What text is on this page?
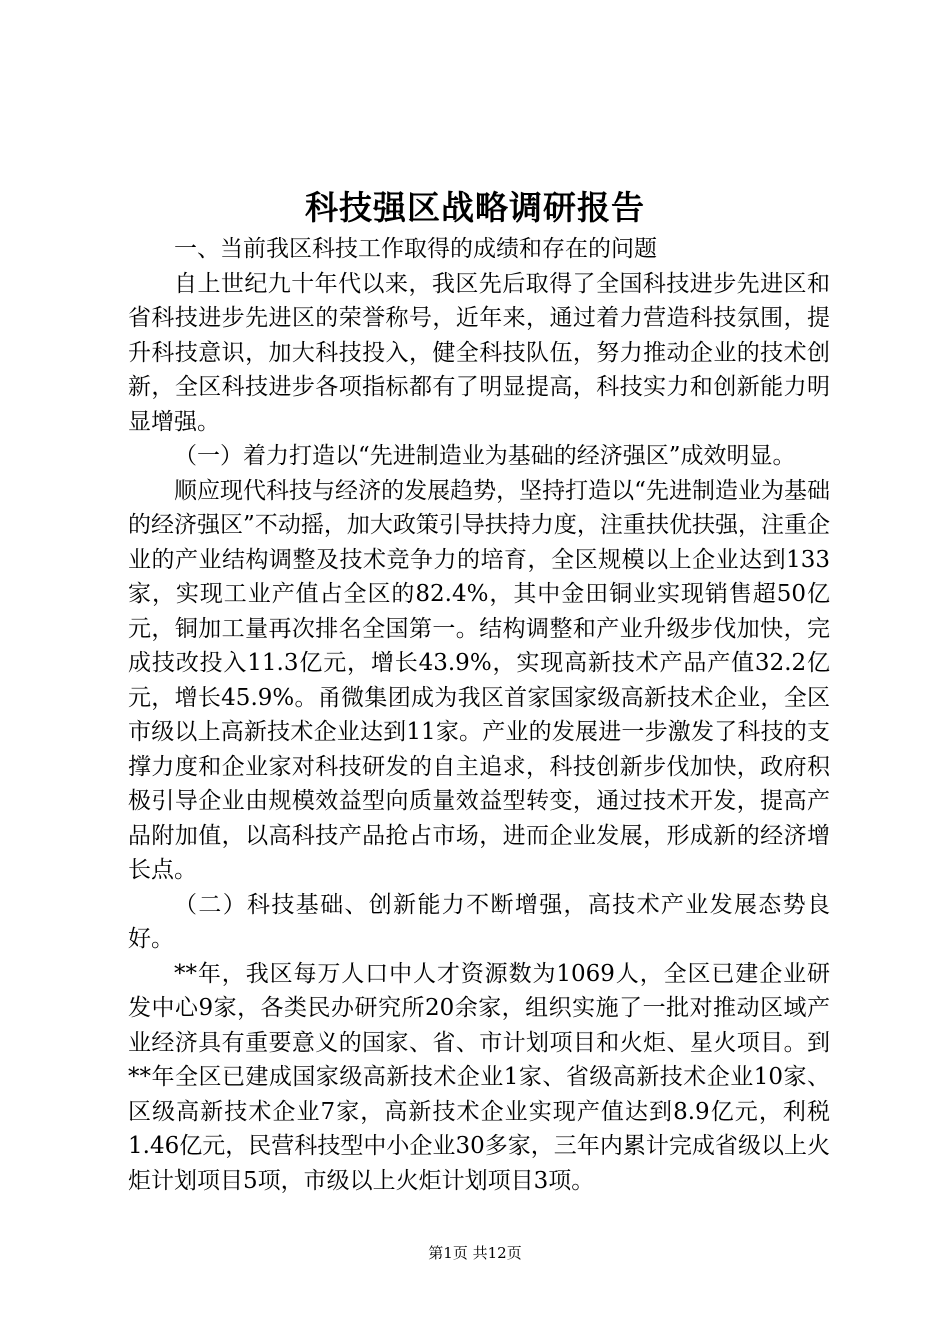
科技强区战略调研报告

一、当前我区科技工作取得的成绩和存在的问题

自上世纪九十年代以来，我区先后取得了全国科技进步先进区和省科技进步先进区的荣誉称号，近年来，通过着力营造科技氛围，提升科技意识，加大科技投入，健全科技队伍，努力推动企业的技术创新，全区科技进步各项指标都有了明显提高，科技实力和创新能力明显增强。

（一）着力打造以“先进制造业为基础的经济强区”成效明显。

顺应现代科技与经济的发展趋势，坚持打造以“先进制造业为基础的经济强区”不动摇，加大政策引导扶持力度，注重扶优扶强，注重企业的产业结构调整及技术竞争力的培育，全区规模以上企业达到133家，实现工业产值占全区的82.4%，其中金田铜业实现销售超50亿元，铜加工量再次排名全国第一。结构调整和产业升级步伐加快，完成技改投入11.3亿元，增长43.9%，实现高新技术产品产值32.2亿元，增长45.9%。甬微集团成为我区首家国家级高新技术企业，全区市级以上高新技术企业达到11家。产业的发展进一步激发了科技的支撑力度和企业家对科技研发的自主追求，科技创新步伐加快，政府积极引导企业由规模效益型向质量效益型转变，通过技术开发，提高产品附加值，以高科技产品抢占市场，进而企业发展，形成新的经济增长点。

（二）科技基础、创新能力不断增强，高技术产业发展态势良好。

**年，我区每万人口中人才资源数为1069人，全区已建企业研发中心9家，各类民办研究所20余家，组织实施了一批对推动区域产业经济具有重要意义的国家、省、市计划项目和火炬、星火项目。到**年全区已建成国家级高新技术企业1家、省级高新技术企业10家、区级高新技术企业7家，高新技术企业实现产值达到8.9亿元，利税1.46亿元，民营科技型中小企业30多家，三年内累计完成省级以上火炬计划项目5项，市级以上火炬计划项目3项。

第1页 共12页
